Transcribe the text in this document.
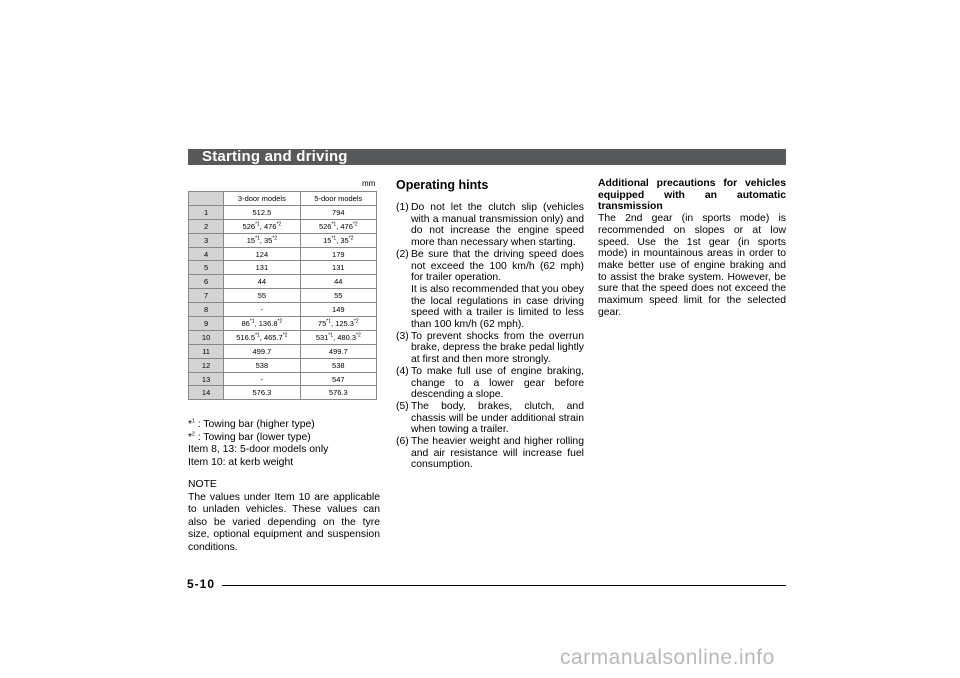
Starting and driving
mm
	3-door models	5-door models
1	512.5	794
2	526$^{*1}$, 476$^{*2}$	526$^{*1}$, 476$^{*2}$
3	15$^{*1}$, 35$^{*2}$	15$^{*1}$, 35$^{*2}$
4	124	179
5	131	131
6	44	44
7	55	55
8	-	149
9	86$^{*1}$, 136.8$^{*2}$	75$^{*1}$, 125.3$^{*2}$
10	516.5$^{*1}$, 465.7$^{*2}$	531$^{*1}$, 480.3$^{*2}$
11	499.7	499.7
12	538	538
13	-	547
14	576.3	576.3
*$^1$ : Towing bar (higher type)
*$^2$ : Towing bar (lower type)
Item 8, 13: 5-door models only
Item 10: at kerb weight
NOTE
The values under Item 10 are applicable to unladen vehicles. These values can also be varied depending on the tyre size, optional equipment and suspension conditions.
Operating hints
(1) Do not let the clutch slip (vehicles with a manual transmission only) and do not increase the engine speed more than necessary when starting.
(2) Be sure that the driving speed does not exceed the 100 km/h (62 mph) for trailer operation.
It is also recommended that you obey the local regulations in case driving speed with a trailer is limited to less than 100 km/h (62 mph).
(3) To prevent shocks from the overrun brake, depress the brake pedal lightly at first and then more strongly.
(4) To make full use of engine braking, change to a lower gear before descending a slope.
(5) The body, brakes, clutch, and chassis will be under additional strain when towing a trailer.
(6) The heavier weight and higher rolling and air resistance will increase fuel consumption.
Additional precautions for vehicles equipped with an automatic transmission
The 2nd gear (in sports mode) is recommended on slopes or at low speed. Use the 1st gear (in sports mode) in mountainous areas in order to make better use of engine braking and to assist the brake system. However, be sure that the speed does not exceed the maximum speed limit for the selected gear.
5-10
carmanualsonline.info
